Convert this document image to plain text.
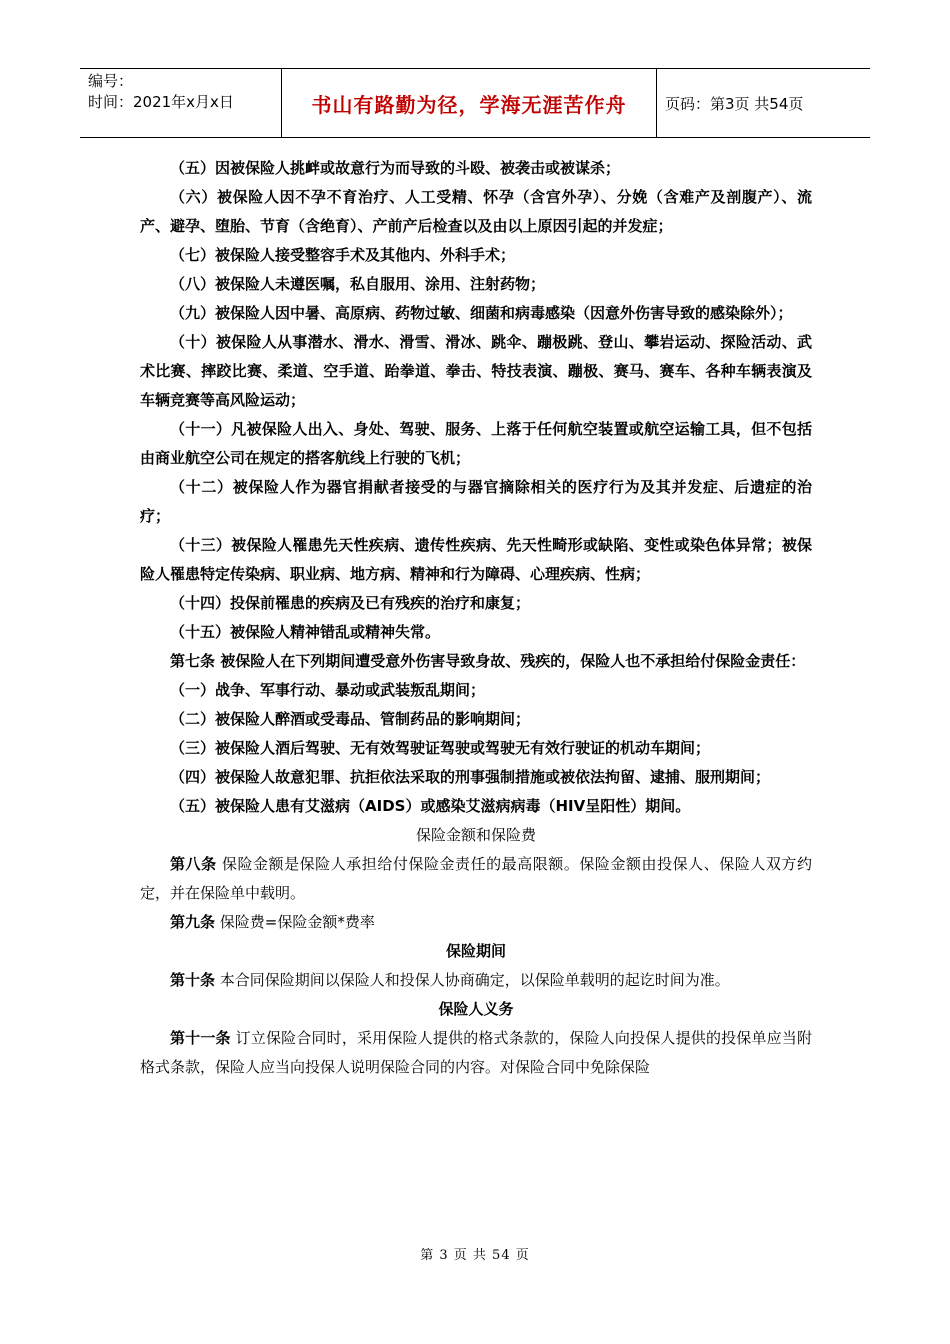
编号：
时间：2021年x月x日	书山有路勤为径，学海无涯苦作舟	页码：第3页 共54页

（五）因被保险人挑衅或故意行为而导致的斗殴、被袭击或被谋杀；

（六）被保险人因不孕不育治疗、人工受精、怀孕（含宫外孕）、分娩（含难产及剖腹产）、流产、避孕、堕胎、节育（含绝育）、产前产后检查以及由以上原因引起的并发症；

（七）被保险人接受整容手术及其他内、外科手术；

（八）被保险人未遵医嘱，私自服用、涂用、注射药物；

（九）被保险人因中暑、高原病、药物过敏、细菌和病毒感染（因意外伤害导致的感染除外）；

（十）被保险人从事潜水、滑水、滑雪、滑冰、跳伞、蹦极跳、登山、攀岩运动、探险活动、武术比赛、摔跤比赛、柔道、空手道、跆拳道、拳击、特技表演、蹦极、赛马、赛车、各种车辆表演及车辆竞赛等高风险运动；

（十一）凡被保险人出入、身处、驾驶、服务、上落于任何航空装置或航空运输工具，但不包括由商业航空公司在规定的搭客航线上行驶的飞机；

（十二）被保险人作为器官捐献者接受的与器官摘除相关的医疗行为及其并发症、后遗症的治疗；

（十三）被保险人罹患先天性疾病、遗传性疾病、先天性畸形或缺陷、变性或染色体异常；被保险人罹患特定传染病、职业病、地方病、精神和行为障碍、心理疾病、性病；

（十四）投保前罹患的疾病及已有残疾的治疗和康复；

（十五）被保险人精神错乱或精神失常。

第七条 被保险人在下列期间遭受意外伤害导致身故、残疾的，保险人也不承担给付保险金责任：

（一）战争、军事行动、暴动或武装叛乱期间；

（二）被保险人醉酒或受毒品、管制药品的影响期间；

（三）被保险人酒后驾驶、无有效驾驶证驾驶或驾驶无有效行驶证的机动车期间；

（四）被保险人故意犯罪、抗拒依法采取的刑事强制措施或被依法拘留、逮捕、服刑期间；

（五）被保险人患有艾滋病（AIDS）或感染艾滋病病毒（HIV呈阳性）期间。

保险金额和保险费

第八条 保险金额是保险人承担给付保险金责任的最高限额。保险金额由投保人、保险人双方约定，并在保险单中载明。

第九条 保险费=保险金额*费率

保险期间

第十条 本合同保险期间以保险人和投保人协商确定，以保险单载明的起讫时间为准。

保险人义务

第十一条 订立保险合同时，采用保险人提供的格式条款的，保险人向投保人提供的投保单应当附格式条款，保险人应当向投保人说明保险合同的内容。对保险合同中免除保险

第 3 页 共 54 页
